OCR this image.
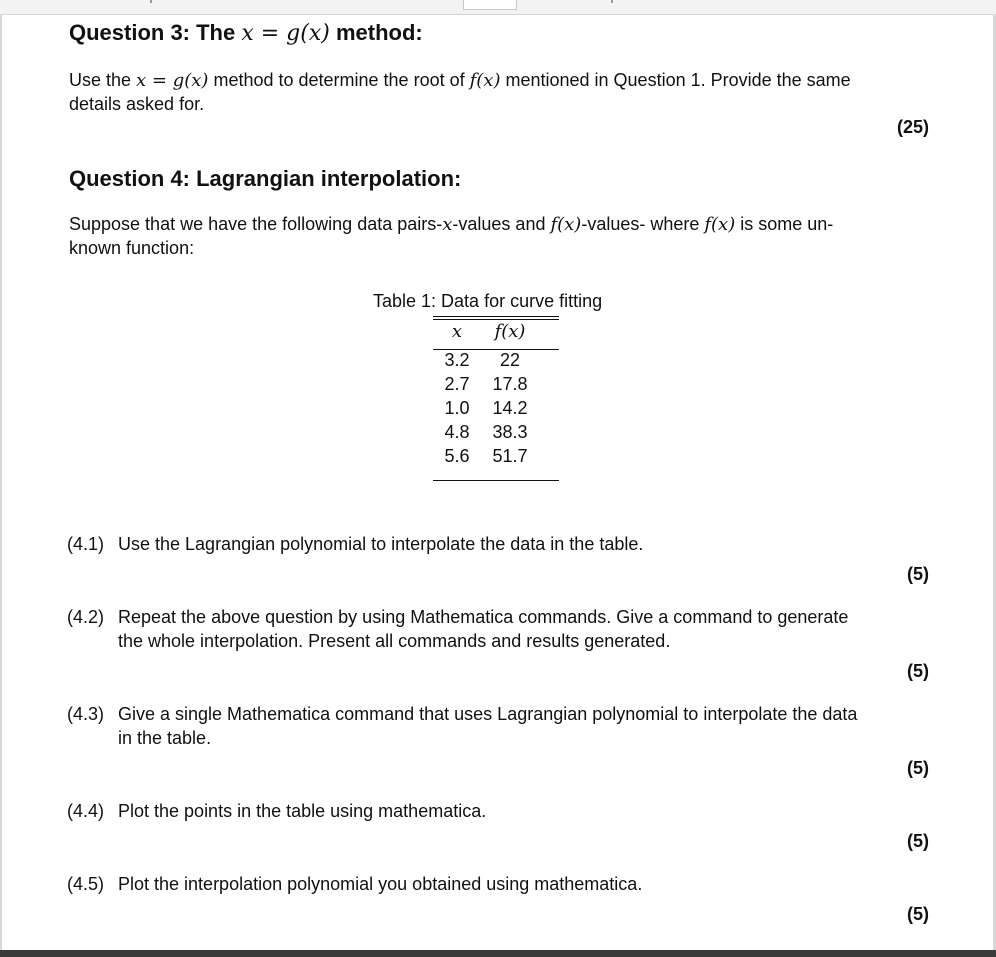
Question 3: The x = g(x) method:
Use the x = g(x) method to determine the root of f(x) mentioned in Question 1. Provide the same
details asked for.
(25)
Question 4: Lagrangian interpolation:
Suppose that we have the following data pairs-x-values and f(x)-values- where f(x) is some un-
known function:
Table 1: Data for curve fitting
x	f(x)
3.2	22
2.7	17.8
1.0	14.2
4.8	38.3
5.6	51.7
(4.1) Use the Lagrangian polynomial to interpolate the data in the table.
(5)
(4.2) Repeat the above question by using Mathematica commands. Give a command to generate
the whole interpolation. Present all commands and results generated.
(5)
(4.3) Give a single Mathematica command that uses Lagrangian polynomial to interpolate the data
in the table.
(5)
(4.4) Plot the points in the table using mathematica.
(5)
(4.5) Plot the interpolation polynomial you obtained using mathematica.
(5)
